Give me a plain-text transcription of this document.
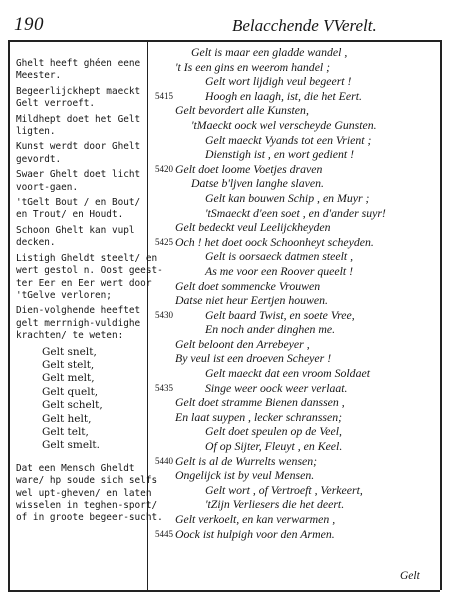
190	Belacchende VVerelt.
Ghelt heeft ghéen eene
Meester.
Begeerlijckhept maeckt
Gelt verroeft.
Mildhept doet het Gelt
ligten.
Kunst werdt door Ghelt
gevordt.
Swaer Ghelt doet licht
voort-gaen.
'tGelt Bout / en Bout/
en Trout/ en Houdt.
Schoon Ghelt kan vupl
decken.
Listigh Gheldt steelt/ en
wert gestol n. Oost geest-
ter Eer en Eer wert door
'tGelve verloren;
Dien-volghende heeftet
gelt merrnigh-vuldighe
krachten/ te weten:
Gelt snelt,
Gelt stelt,
Gelt melt,
Gelt quelt,
Gelt schelt,
Gelt helt,
Gelt telt,
Gelt smelt.
Dat een Mensch Gheldt
ware/ hp soude sich selfs
wel upt-gheven/ en laten
wisselen in teghen-sport/
of in groote begeer-sucht.
Gelt is maar een gladde wandel ,
't Is een gins en weerom handel ;
Gelt wort lijdigh veul begeert !
5415	Hoogh en laagh, ist, die het Eert.
Gelt bevordert alle Kunsten,
'tMaeckt oock wel verscheyde Gunsten.
Gelt maeckt Vyands tot een Vrient ;
Dienstigh ist , en wort gedient !
5420 Gelt doet loome Voetjes draven
Datse b'ljven langhe slaven.
Gelt kan bouwen Schip , en Muyr ;
'tSmaeckt d'een soet , en d'ander suyr!
Gelt bedeckt veul Leelijckheyden
5425 Och ! het doet oock Schoonheyt scheyden.
Gelt is oorsaeck datmen steelt ,
As me voor een Roover queelt !
Gelt doet sommencke Vrouwen
Datse niet heur Eertjen houwen.
5430	Gelt baard Twist, en soete Vree,
En noch ander dinghen me.
Gelt beloont den Arrebeyer ,
By veul ist een droeven Scheyer !
Gelt maeckt dat een vroom Soldaet
5435	Singe weer oock weer verlaat.
Gelt doet stramme Bienen danssen ,
En laat suypen , lecker schranssen;
Gelt doet speulen op de Veel,
Of op Sijter, Fleuyt , en Keel.
5440 Gelt is al de Wurrelts wensen;
Ongelijck ist by veul Mensen.
Gelt wort , of Vertroeft , Verkeert,
'tZijn Verliesers die het deert.
Gelt verkoelt, en kan verwarmen ,
5445 Oock ist hulpigh voor den Armen.
Gelt
